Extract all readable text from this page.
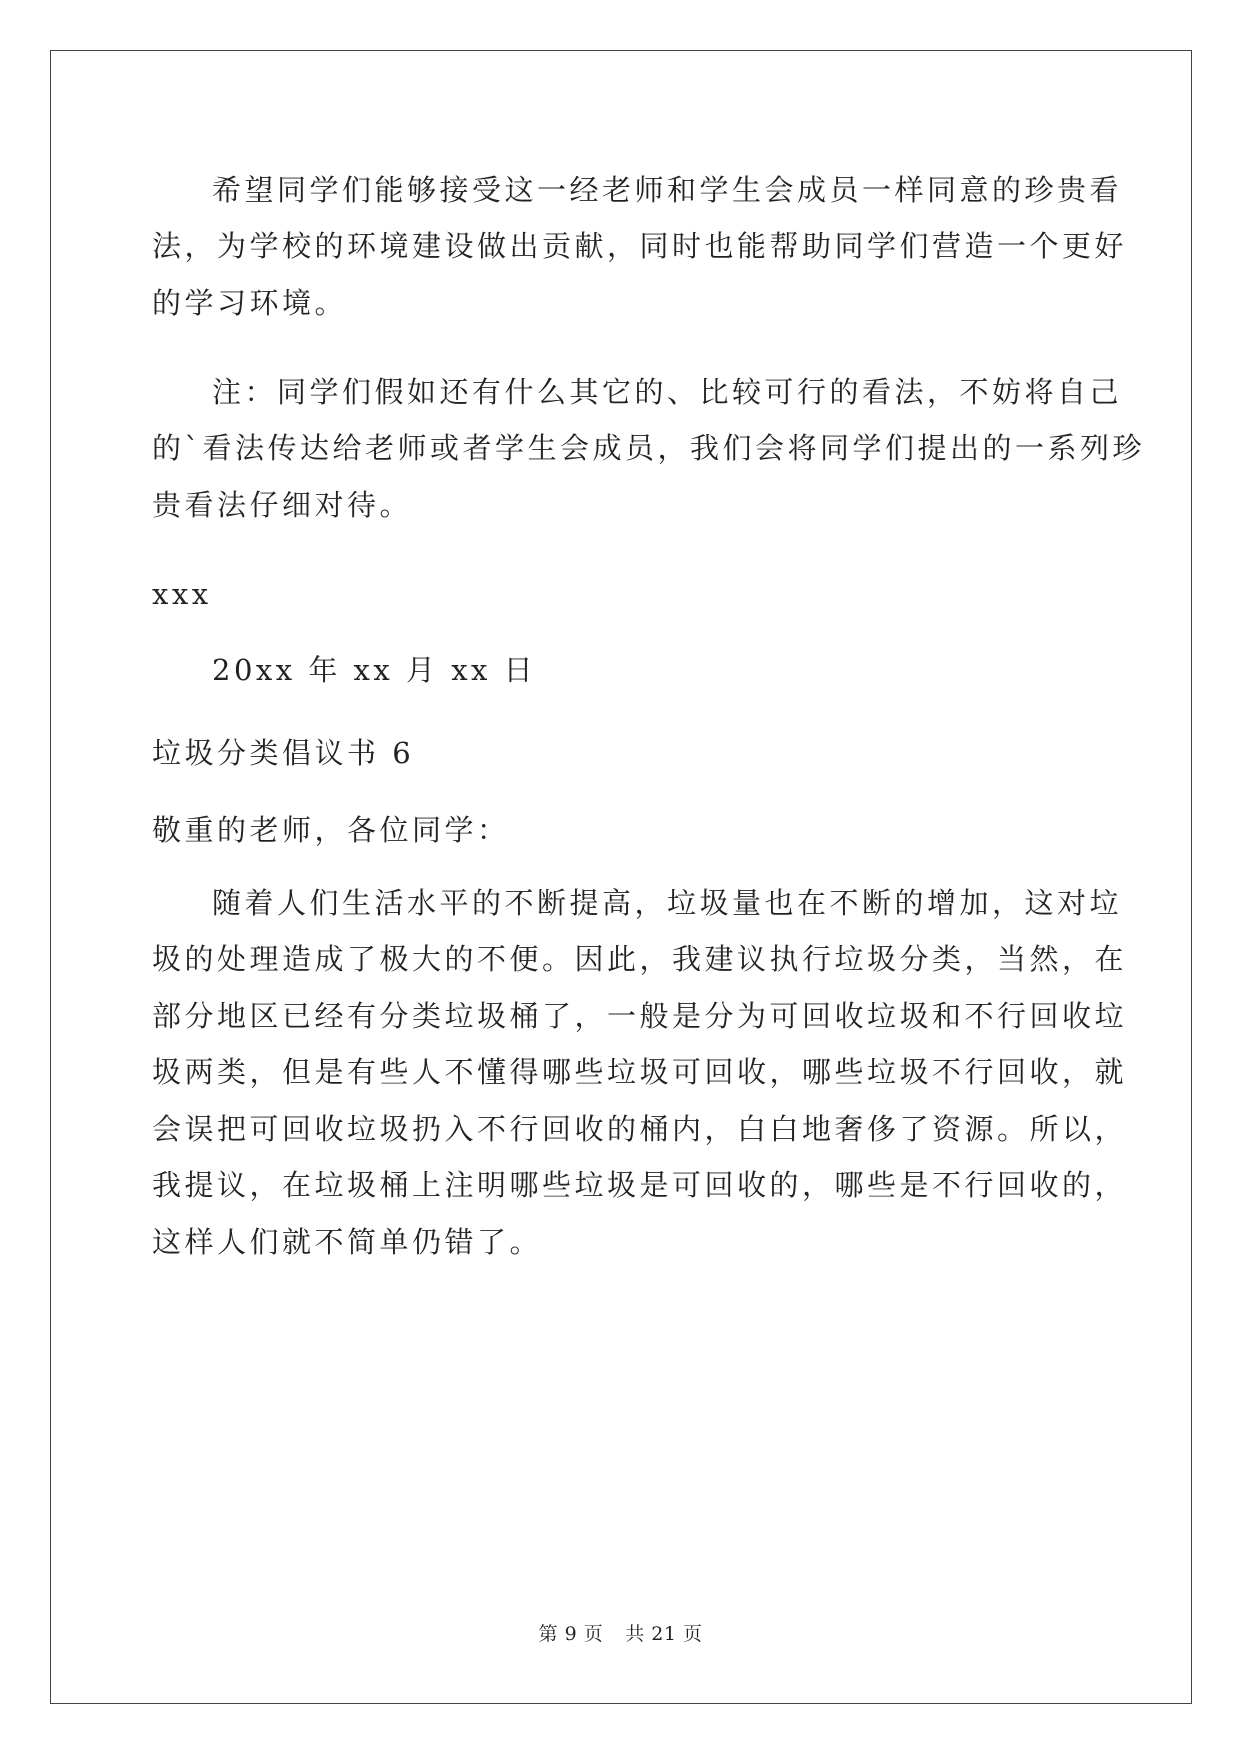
希望同学们能够接受这一经老师和学生会成员一样同意的珍贵看
法，为学校的环境建设做出贡献，同时也能帮助同学们营造一个更好
的学习环境。
注：同学们假如还有什么其它的、比较可行的看法，不妨将自己
的`看法传达给老师或者学生会成员，我们会将同学们提出的一系列珍
贵看法仔细对待。
xxx
20xx 年 xx 月 xx 日
垃圾分类倡议书 6
敬重的老师，各位同学：
随着人们生活水平的不断提高，垃圾量也在不断的增加，这对垃
圾的处理造成了极大的不便。因此，我建议执行垃圾分类，当然，在
部分地区已经有分类垃圾桶了，一般是分为可回收垃圾和不行回收垃
圾两类，但是有些人不懂得哪些垃圾可回收，哪些垃圾不行回收，就
会误把可回收垃圾扔入不行回收的桶内，白白地奢侈了资源。所以，
我提议，在垃圾桶上注明哪些垃圾是可回收的，哪些是不行回收的，
这样人们就不简单仍错了。
第 9 页 共 21 页
